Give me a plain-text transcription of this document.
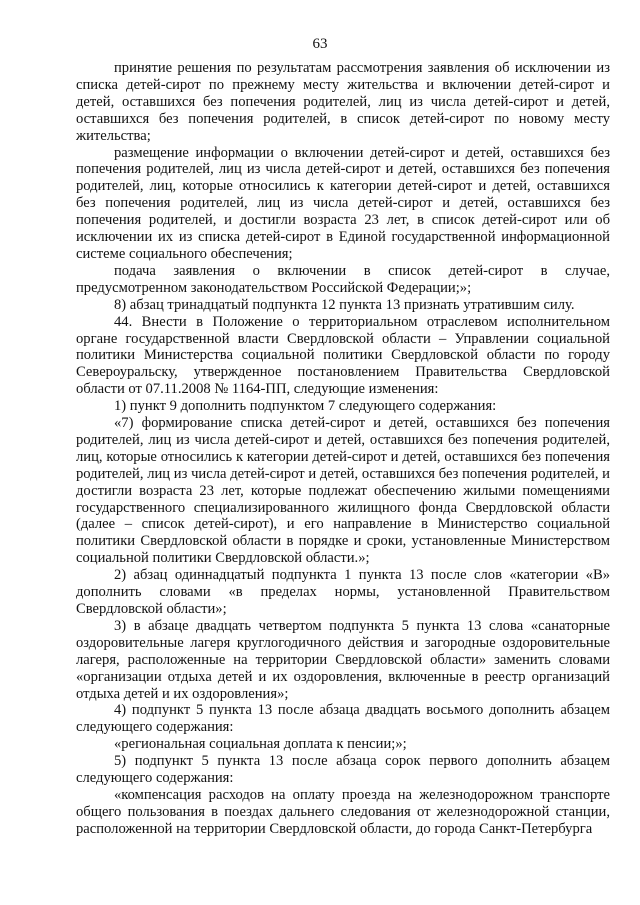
63

принятие решения по результатам рассмотрения заявления об исключении из списка детей-сирот по прежнему месту жительства и включении детей-сирот и детей, оставшихся без попечения родителей, лиц из числа детей-сирот и детей, оставшихся без попечения родителей, в список детей-сирот по новому месту жительства;

размещение информации о включении детей-сирот и детей, оставшихся без попечения родителей, лиц из числа детей-сирот и детей, оставшихся без попечения родителей, лиц, которые относились к категории детей-сирот и детей, оставшихся без попечения родителей, лиц из числа детей-сирот и детей, оставшихся без попечения родителей, и достигли возраста 23 лет, в список детей-сирот или об исключении их из списка детей-сирот в Единой государственной информационной системе социального обеспечения;

подача заявления о включении в список детей-сирот в случае, предусмотренном законодательством Российской Федерации;»;

8) абзац тринадцатый подпункта 12 пункта 13 признать утратившим силу.

44. Внести в Положение о территориальном отраслевом исполнительном органе государственной власти Свердловской области – Управлении социальной политики Министерства социальной политики Свердловской области по городу Североуральску, утвержденное постановлением Правительства Свердловской области от 07.11.2008 № 1164-ПП, следующие изменения:

1) пункт 9 дополнить подпунктом 7 следующего содержания:

«7) формирование списка детей-сирот и детей, оставшихся без попечения родителей, лиц из числа детей-сирот и детей, оставшихся без попечения родителей, лиц, которые относились к категории детей-сирот и детей, оставшихся без попечения родителей, лиц из числа детей-сирот и детей, оставшихся без попечения родителей, и достигли возраста 23 лет, которые подлежат обеспечению жилыми помещениями государственного специализированного жилищного фонда Свердловской области (далее – список детей-сирот), и его направление в Министерство социальной политики Свердловской области в порядке и сроки, установленные Министерством социальной политики Свердловской области.»;

2) абзац одиннадцатый подпункта 1 пункта 13 после слов «категории «В» дополнить словами «в пределах нормы, установленной Правительством Свердловской области»;

3) в абзаце двадцать четвертом подпункта 5 пункта 13 слова «санаторные оздоровительные лагеря круглогодичного действия и загородные оздоровительные лагеря, расположенные на территории Свердловской области» заменить словами «организации отдыха детей и их оздоровления, включенные в реестр организаций отдыха детей и их оздоровления»;

4) подпункт 5 пункта 13 после абзаца двадцать восьмого дополнить абзацем следующего содержания:

«региональная социальная доплата к пенсии;»;

5) подпункт 5 пункта 13 после абзаца сорок первого дополнить абзацем следующего содержания:

«компенсация расходов на оплату проезда на железнодорожном транспорте общего пользования в поездах дальнего следования от железнодорожной станции, расположенной на территории Свердловской области, до города Санкт-Петербурга
